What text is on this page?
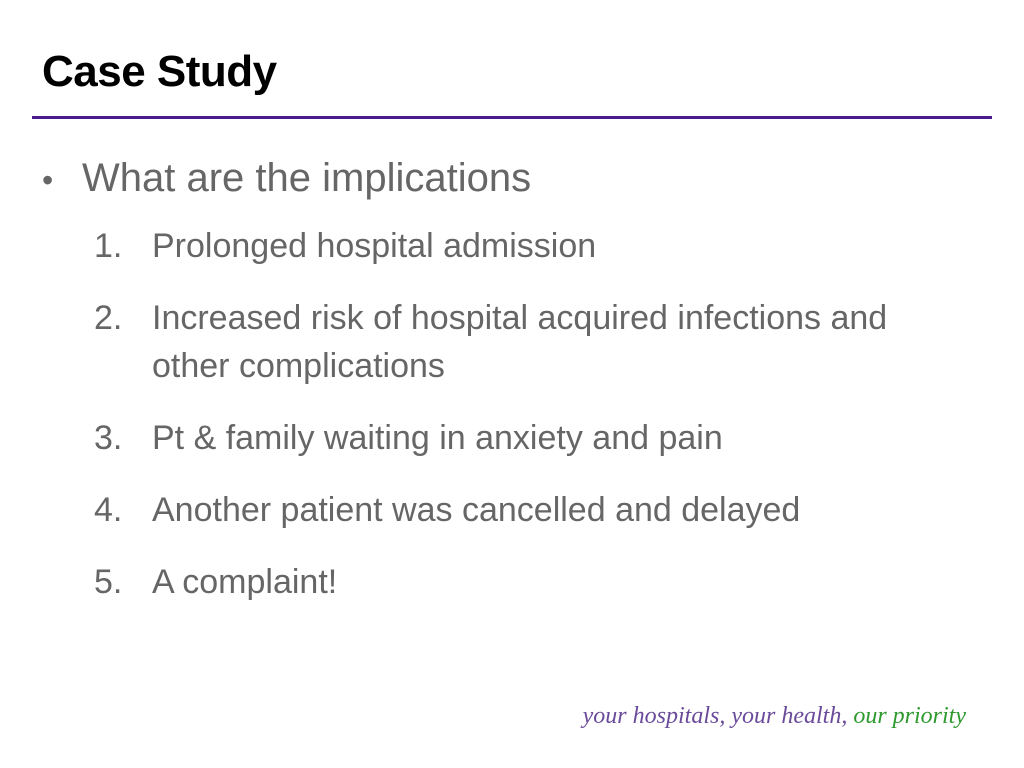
Case Study
• What are the implications
1. Prolonged hospital admission
2. Increased risk of hospital acquired infections and other complications
3. Pt & family waiting in anxiety and pain
4. Another patient was cancelled and delayed
5. A complaint!
your hospitals, your health, our priority
